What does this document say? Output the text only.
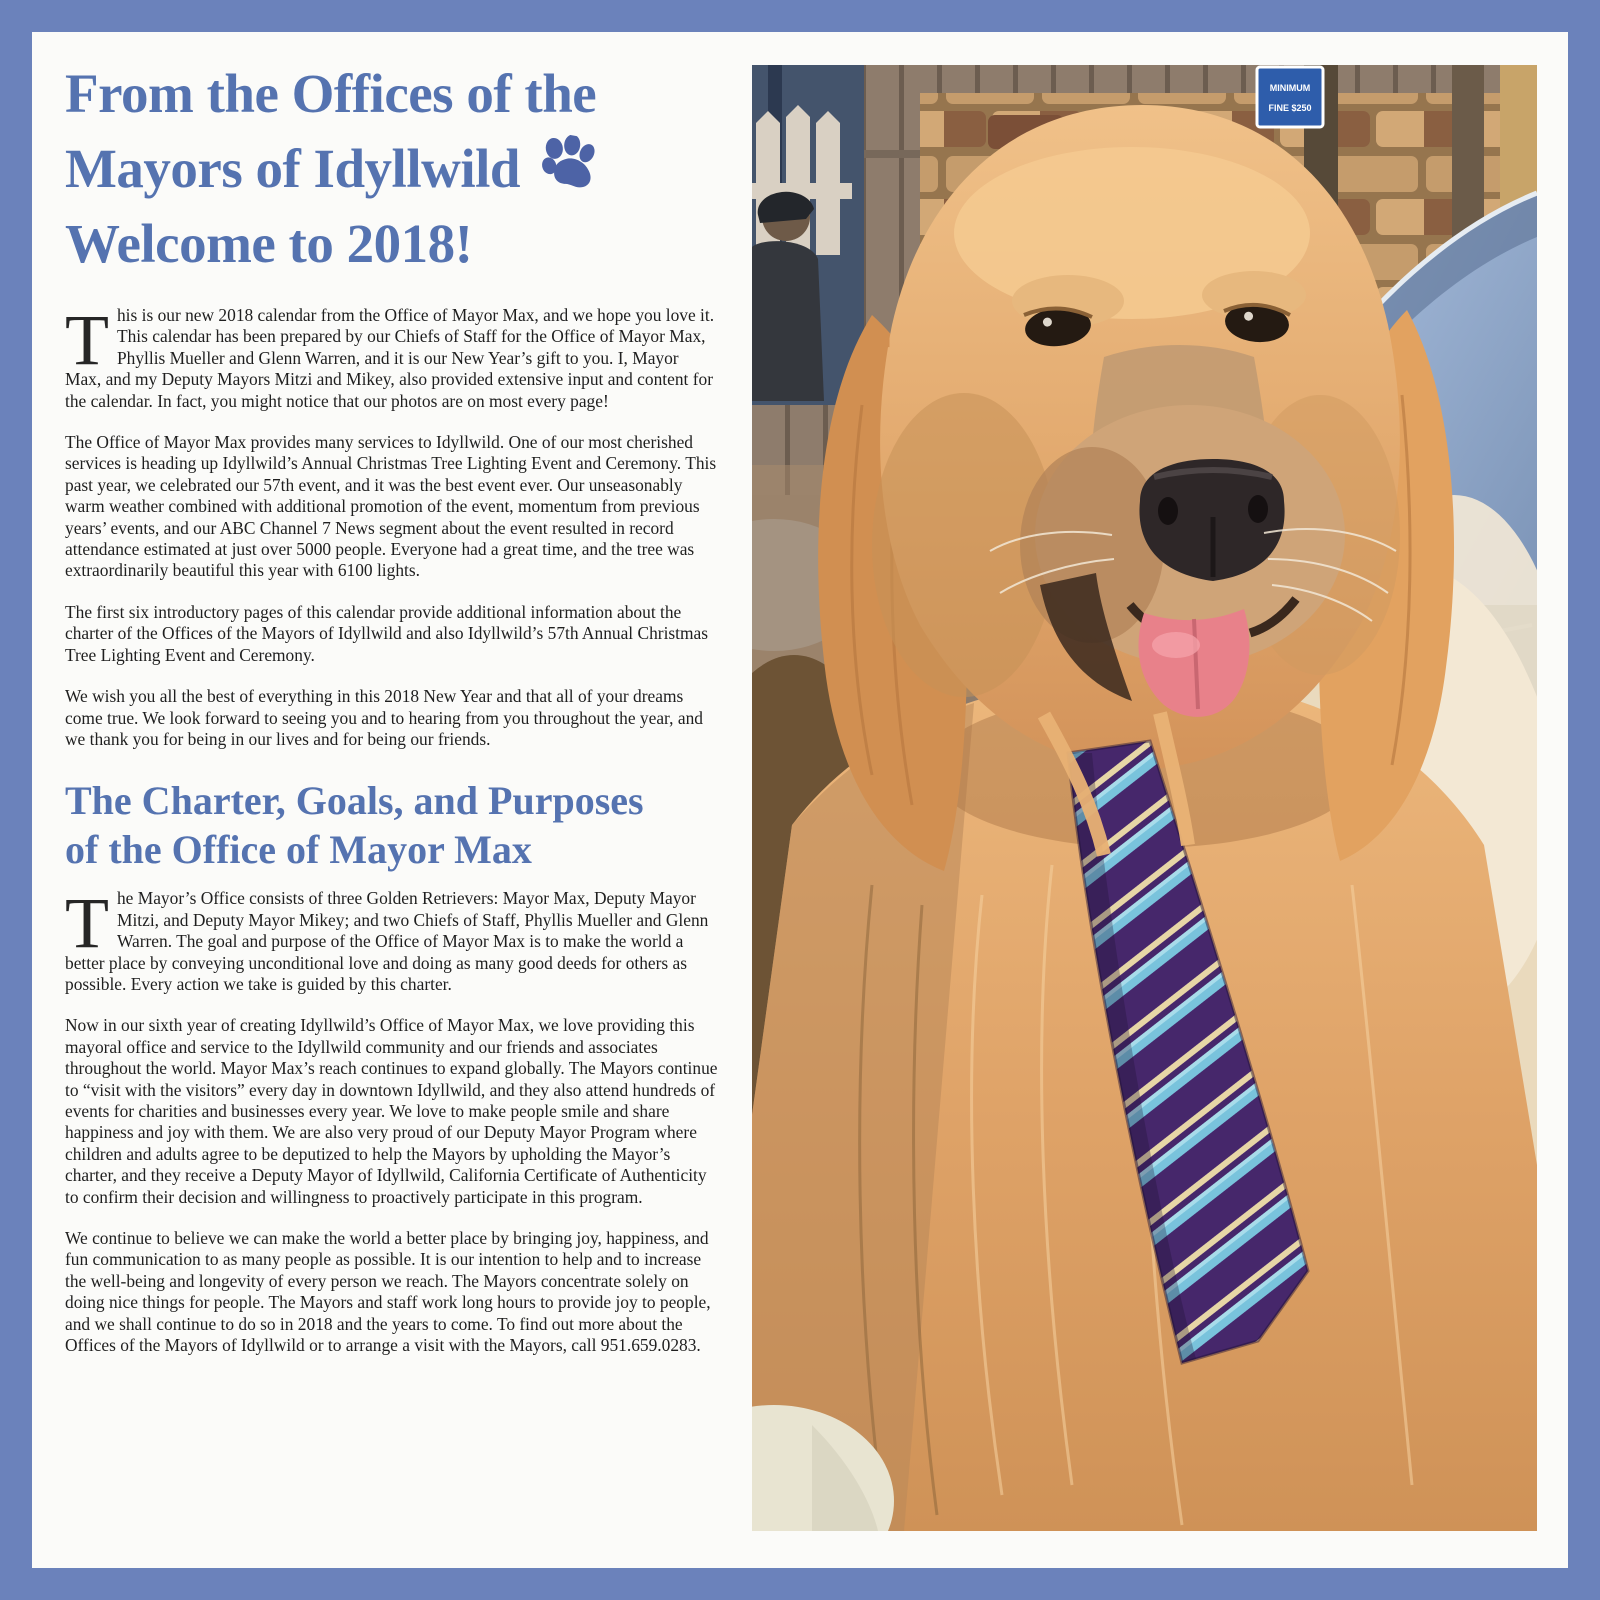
From the Offices of the
Mayors of Idyllwild
Welcome to 2018!

This is our new 2018 calendar from the Office of Mayor Max, and we hope you love it. This calendar has been prepared by our Chiefs of Staff for the Office of Mayor Max, Phyllis Mueller and Glenn Warren, and it is our New Year’s gift to you. I, Mayor Max, and my Deputy Mayors Mitzi and Mikey, also provided extensive input and content for the calendar. In fact, you might notice that our photos are on most every page!

The Office of Mayor Max provides many services to Idyllwild. One of our most cherished services is heading up Idyllwild’s Annual Christmas Tree Lighting Event and Ceremony. This past year, we celebrated our 57th event, and it was the best event ever. Our unseasonably warm weather combined with additional promotion of the event, momentum from previous years’ events, and our ABC Channel 7 News segment about the event resulted in record attendance estimated at just over 5000 people. Everyone had a great time, and the tree was extraordinarily beautiful this year with 6100 lights.

The first six introductory pages of this calendar provide additional information about the charter of the Offices of the Mayors of Idyllwild and also Idyllwild’s 57th Annual Christmas Tree Lighting Event and Ceremony.

We wish you all the best of everything in this 2018 New Year and that all of your dreams come true. We look forward to seeing you and to hearing from you throughout the year, and we thank you for being in our lives and for being our friends.

The Charter, Goals, and Purposes
of the Office of Mayor Max

The Mayor’s Office consists of three Golden Retrievers: Mayor Max, Deputy Mayor Mitzi, and Deputy Mayor Mikey; and two Chiefs of Staff, Phyllis Mueller and Glenn Warren. The goal and purpose of the Office of Mayor Max is to make the world a better place by conveying unconditional love and doing as many good deeds for others as possible. Every action we take is guided by this charter.

Now in our sixth year of creating Idyllwild’s Office of Mayor Max, we love providing this mayoral office and service to the Idyllwild community and our friends and associates throughout the world. Mayor Max’s reach continues to expand globally. The Mayors continue to “visit with the visitors” every day in downtown Idyllwild, and they also attend hundreds of events for charities and businesses every year. We love to make people smile and share happiness and joy with them. We are also very proud of our Deputy Mayor Program where children and adults agree to be deputized to help the Mayors by upholding the Mayor’s charter, and they receive a Deputy Mayor of Idyllwild, California Certificate of Authenticity to confirm their decision and willingness to proactively participate in this program.

We continue to believe we can make the world a better place by bringing joy, happiness, and fun communication to as many people as possible. It is our intention to help and to increase the well-being and longevity of every person we reach. The Mayors concentrate solely on doing nice things for people. The Mayors and staff work long hours to provide joy to people, and we shall continue to do so in 2018 and the years to come. To find out more about the Offices of the Mayors of Idyllwild or to arrange a visit with the Mayors, call 951.659.0283.

MINIMUM
FINE $250
